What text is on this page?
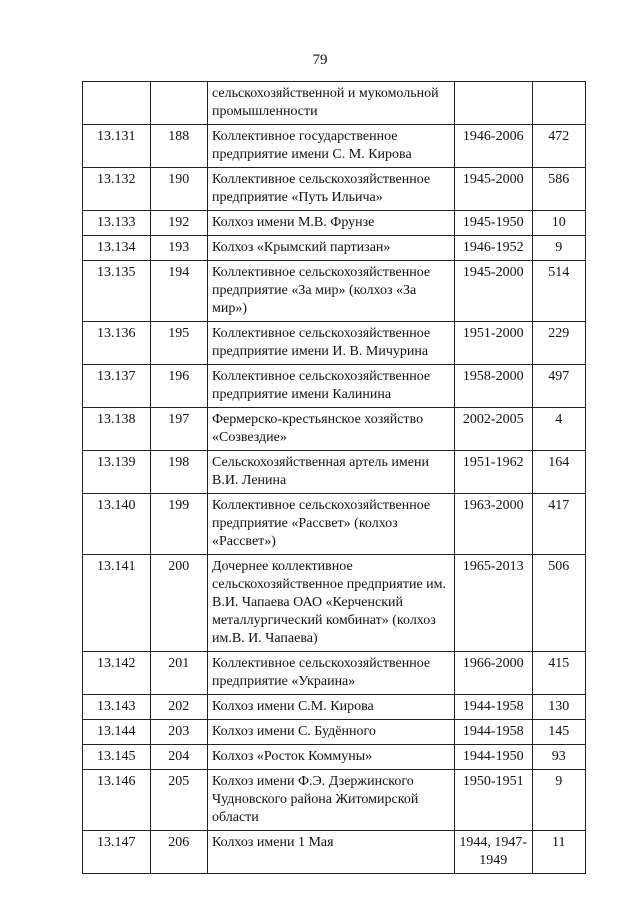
79

		сельскохозяйственной и мукомольной промышленности		

13.131	188	Коллективное государственное предприятие имени С. М. Кирова	1946-2006	472

13.132	190	Коллективное сельскохозяйственное предприятие «Путь Ильича»	1945-2000	586

13.133	192	Колхоз имени М.В. Фрунзе	1945-1950	10

13.134	193	Колхоз «Крымский партизан»	1946-1952	9

13.135	194	Коллективное сельскохозяйственное предприятие «За мир» (колхоз «За мир»)	1945-2000	514

13.136	195	Коллективное сельскохозяйственное предприятие имени И. В. Мичурина	1951-2000	229

13.137	196	Коллективное сельскохозяйственное предприятие имени Калинина	1958-2000	497

13.138	197	Фермерско-крестьянское хозяйство «Созвездие»	2002-2005	4

13.139	198	Сельскохозяйственная артель имени В.И. Ленина	1951-1962	164

13.140	199	Коллективное сельскохозяйственное предприятие «Рассвет» (колхоз «Рассвет»)	1963-2000	417

13.141	200	Дочернее коллективное сельскохозяйственное предприятие им. В.И. Чапаева ОАО «Керченский металлургический комбинат» (колхоз им.В. И. Чапаева)	1965-2013	506

13.142	201	Коллективное сельскохозяйственное предприятие «Украина»	1966-2000	415

13.143	202	Колхоз имени С.М. Кирова	1944-1958	130

13.144	203	Колхоз имени С. Будённого	1944-1958	145

13.145	204	Колхоз «Росток Коммуны»	1944-1950	93

13.146	205	Колхоз имени Ф.Э. Дзержинского Чудновского района Житомирской области	1950-1951	9

13.147	206	Колхоз имени 1 Мая	1944, 1947-1949	11
